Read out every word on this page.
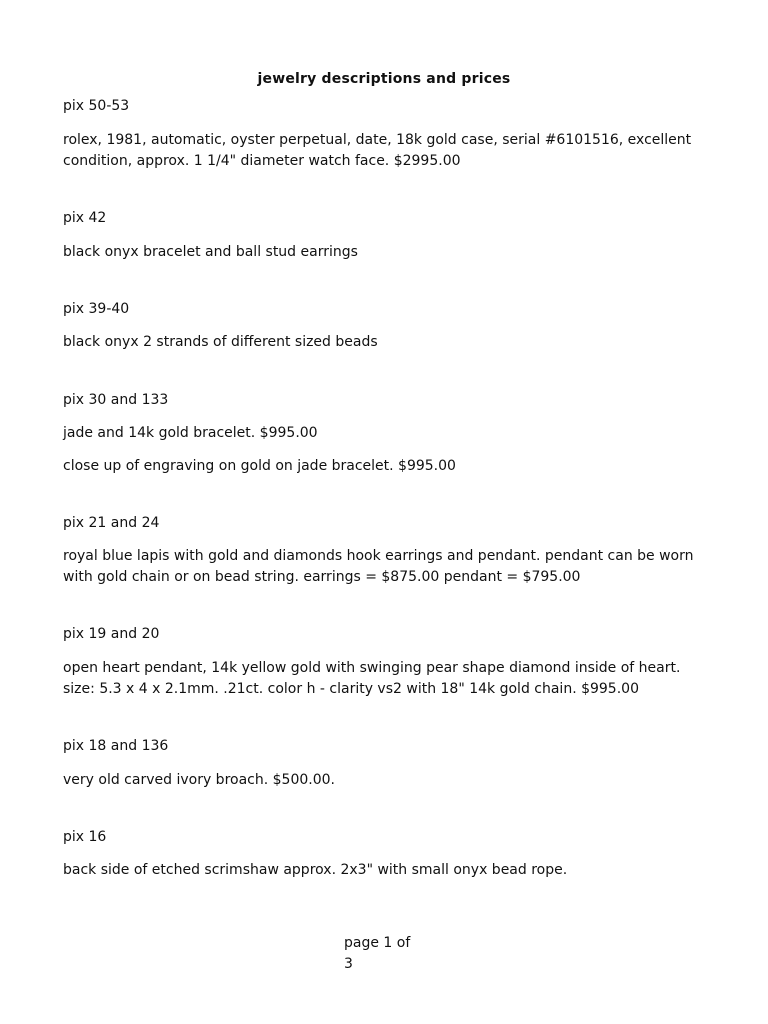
jewelry descriptions and prices

pix 50-53

rolex, 1981, automatic, oyster perpetual, date, 18k gold case, serial #6101516, excellent condition, approx. 1 1/4" diameter watch face. $2995.00

pix 42

black onyx bracelet and ball stud earrings

pix 39-40

black onyx 2 strands of different sized beads

pix 30 and 133

jade and 14k gold bracelet. $995.00

close up of engraving on gold on jade bracelet. $995.00

pix 21 and 24

royal blue lapis with gold and diamonds hook earrings and pendant. pendant can be worn with gold chain or on bead string. earrings = $875.00 pendant = $795.00

pix 19 and 20

open heart pendant, 14k yellow gold with swinging pear shape diamond inside of heart. size: 5.3 x 4 x 2.1mm. .21ct. color h - clarity vs2 with 18" 14k gold chain. $995.00

pix 18 and 136

very old carved ivory broach. $500.00.

pix 16

back side of etched scrimshaw approx. 2x3" with small onyx bead rope.

page 1 of
3
